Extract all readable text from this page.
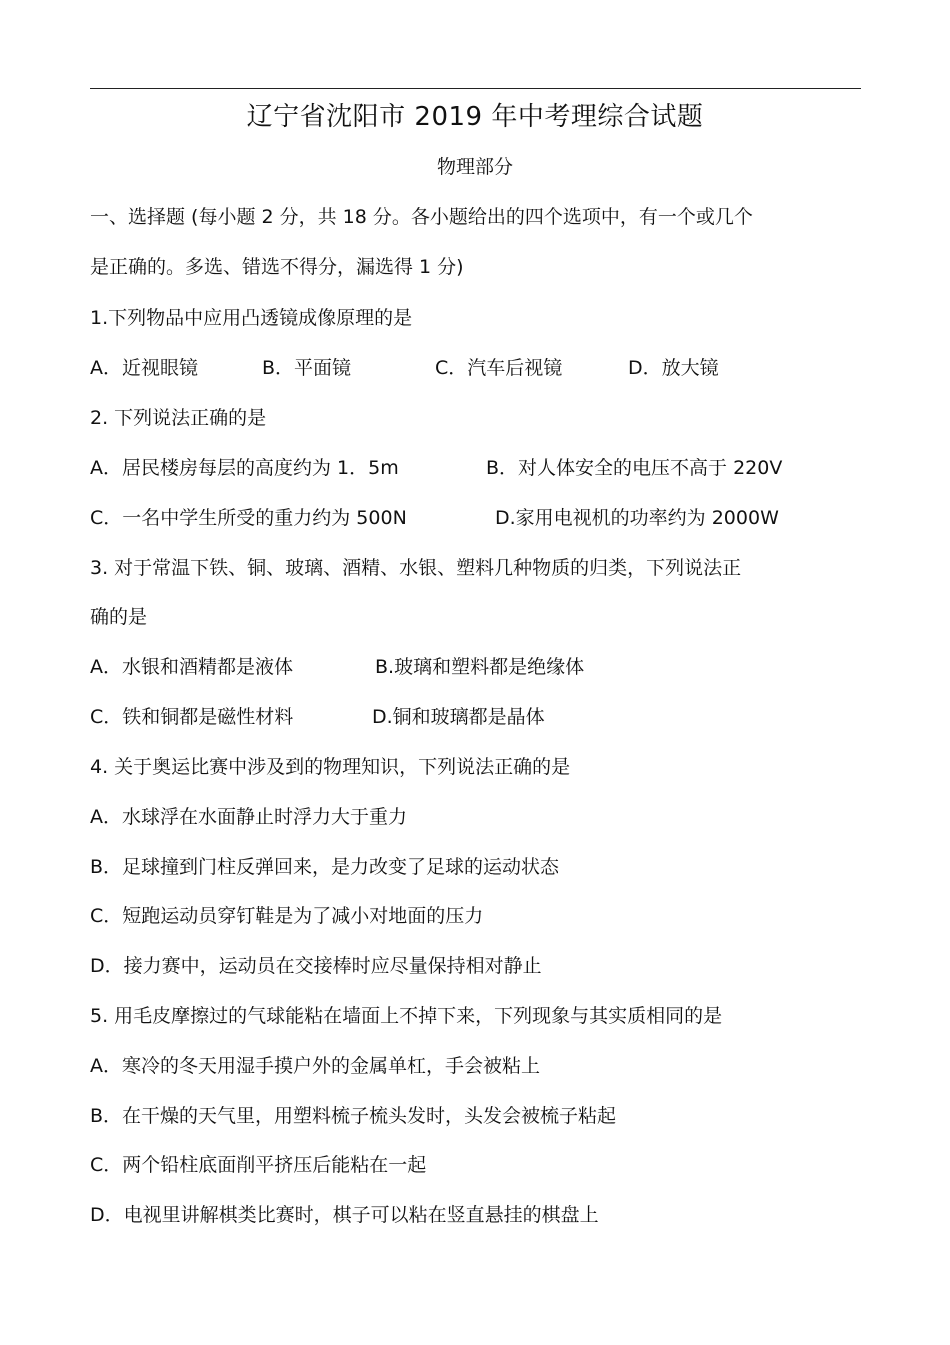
辽宁省沈阳市 2019 年中考理综合试题
物理部分
一、选择题 (每小题 2 分，共 18 分。各小题给出的四个选项中，有一个或几个
是正确的。多选、错选不得分，漏选得 1 分)
1.下列物品中应用凸透镜成像原理的是
A．近视眼镜	B．平面镜	C．汽车后视镜	D．放大镜
2. 下列说法正确的是
A．居民楼房每层的高度约为 1．5m	B．对人体安全的电压不高于 220V
C．一名中学生所受的重力约为 500N	D.家用电视机的功率约为 2000W
3. 对于常温下铁、铜、玻璃、酒精、水银、塑料几种物质的归类，下列说法正
确的是
A．水银和酒精都是液体	B.玻璃和塑料都是绝缘体
C．铁和铜都是磁性材料	D.铜和玻璃都是晶体
4. 关于奥运比赛中涉及到的物理知识，下列说法正确的是
A．水球浮在水面静止时浮力大于重力
B．足球撞到门柱反弹回来，是力改变了足球的运动状态
C．短跑运动员穿钉鞋是为了减小对地面的压力
D．接力赛中，运动员在交接棒时应尽量保持相对静止
5. 用毛皮摩擦过的气球能粘在墙面上不掉下来，下列现象与其实质相同的是
A．寒冷的冬天用湿手摸户外的金属单杠，手会被粘上
B．在干燥的天气里，用塑料梳子梳头发时，头发会被梳子粘起
C．两个铅柱底面削平挤压后能粘在一起
D．电视里讲解棋类比赛时，棋子可以粘在竖直悬挂的棋盘上
